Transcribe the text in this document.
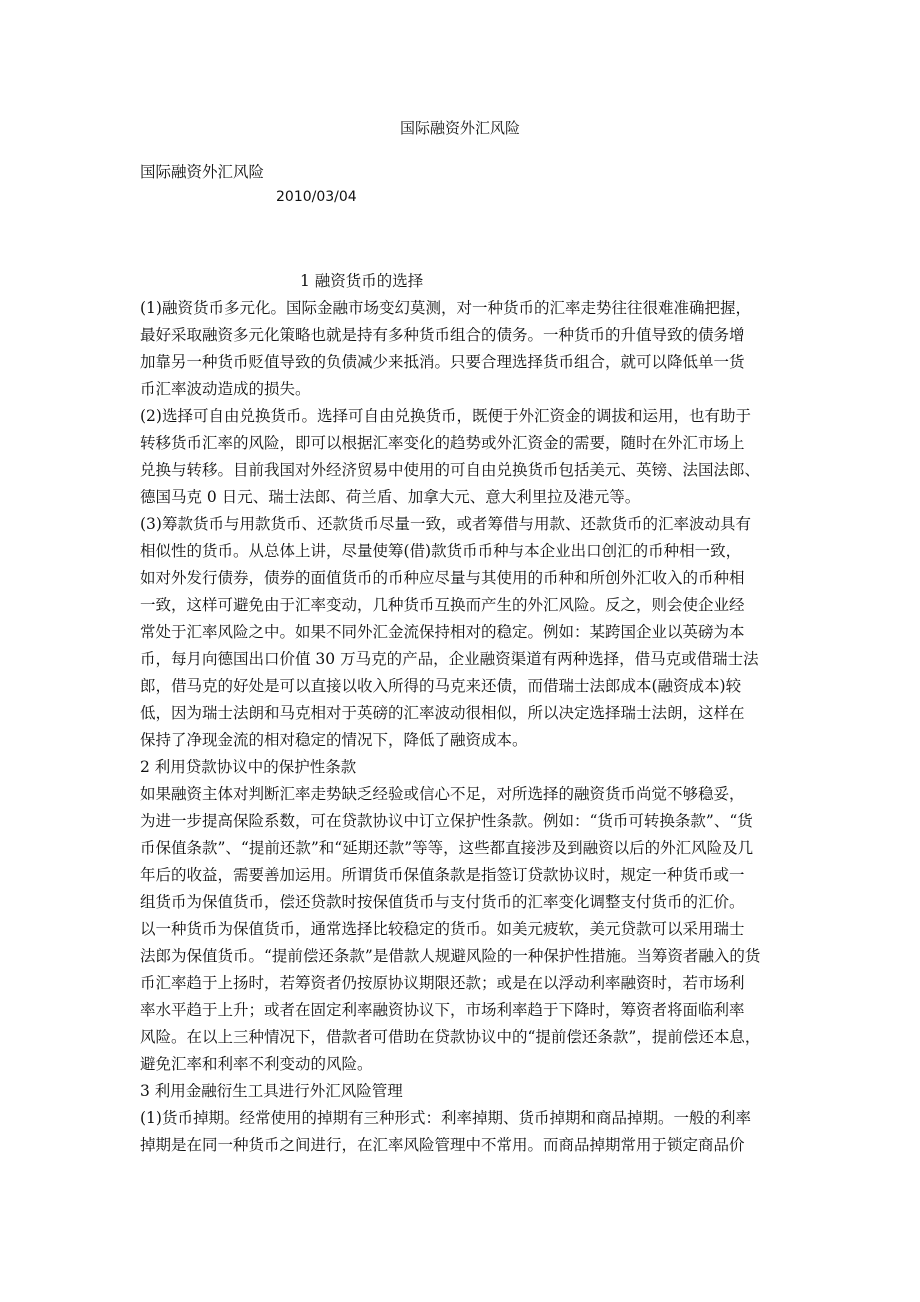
国际融资外汇风险
国际融资外汇风险
2010/03/04
1 融资货币的选择
(1)融资货币多元化。国际金融市场变幻莫测，对一种货币的汇率走势往往很难准确把握，
最好采取融资多元化策略也就是持有多种货币组合的债务。一种货币的升值导致的债务增
加靠另一种货币贬值导致的负债减少来抵消。只要合理选择货币组合，就可以降低单一货
币汇率波动造成的损失。
(2)选择可自由兑换货币。选择可自由兑换货币，既便于外汇资金的调拔和运用，也有助于
转移货币汇率的风险，即可以根据汇率变化的趋势或外汇资金的需要，随时在外汇市场上
兑换与转移。目前我国对外经济贸易中使用的可自由兑换货币包括美元、英镑、法国法郎、
德国马克 0 日元、瑞士法郎、荷兰盾、加拿大元、意大利里拉及港元等。
(3)筹款货币与用款货币、还款货币尽量一致，或者筹借与用款、还款货币的汇率波动具有
相似性的货币。从总体上讲，尽量使筹(借)款货币币种与本企业出口创汇的币种相一致，
如对外发行债券，债券的面值货币的币种应尽量与其使用的币种和所创外汇收入的币种相
一致，这样可避免由于汇率变动，几种货币互换而产生的外汇风险。反之，则会使企业经
常处于汇率风险之中。如果不同外汇金流保持相对的稳定。例如：某跨国企业以英磅为本
币，每月向德国出口价值 30 万马克的产品，企业融资渠道有两种选择，借马克或借瑞士法
郎，借马克的好处是可以直接以收入所得的马克来还债，而借瑞士法郎成本(融资成本)较
低，因为瑞士法朗和马克相对于英磅的汇率波动很相似，所以决定选择瑞士法朗，这样在
保持了净现金流的相对稳定的情况下，降低了融资成本。
2 利用贷款协议中的保护性条款
如果融资主体对判断汇率走势缺乏经验或信心不足，对所选择的融资货币尚觉不够稳妥，
为进一步提高保险系数，可在贷款协议中订立保护性条款。例如：“货币可转换条款”、“货
币保值条款”、“提前还款”和“延期还款”等等，这些都直接涉及到融资以后的外汇风险及几
年后的收益，需要善加运用。所谓货币保值条款是指签订贷款协议时，规定一种货币或一
组货币为保值货币，偿还贷款时按保值货币与支付货币的汇率变化调整支付货币的汇价。
以一种货币为保值货币，通常选择比较稳定的货币。如美元疲软，美元贷款可以采用瑞士
法郎为保值货币。“提前偿还条款”是借款人规避风险的一种保护性措施。当筹资者融入的货
币汇率趋于上扬时，若筹资者仍按原协议期限还款；或是在以浮动利率融资时，若市场利
率水平趋于上升；或者在固定利率融资协议下，市场利率趋于下降时，筹资者将面临利率
风险。在以上三种情况下，借款者可借助在贷款协议中的“提前偿还条款”，提前偿还本息，
避免汇率和利率不利变动的风险。
3 利用金融衍生工具进行外汇风险管理
(1)货币掉期。经常使用的掉期有三种形式：利率掉期、货币掉期和商品掉期。一般的利率
掉期是在同一种货币之间进行，在汇率风险管理中不常用。而商品掉期常用于锁定商品价
